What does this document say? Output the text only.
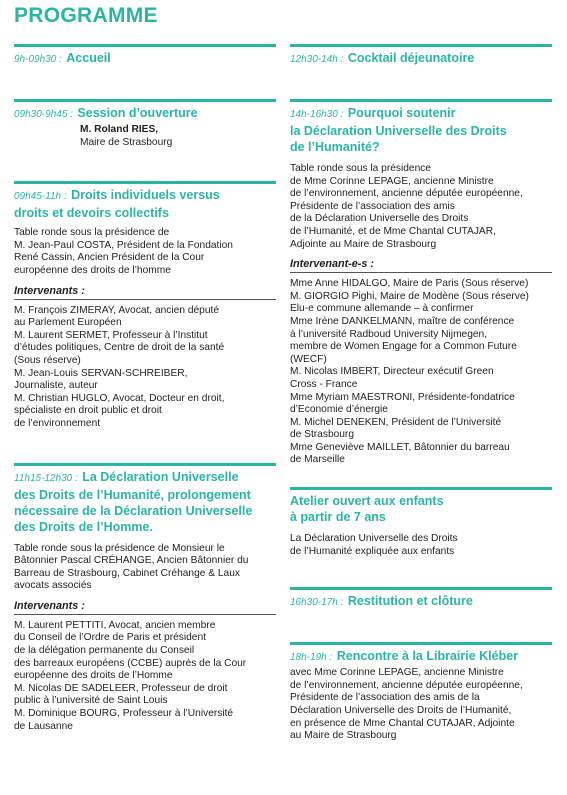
PROGRAMME
9h-09h30 : Accueil
09h30-9h45 : Session d’ouverture
M. Roland RIES,
Maire de Strasbourg
09h45-11h : Droits individuels versus
droits et devoirs collectifs
Table ronde sous la présidence de
M. Jean-Paul COSTA, Président de la Fondation
René Cassin, Ancien Président de la Cour
européenne des droits de l’homme
Intervenants :
M. François ZIMERAY, Avocat, ancien député
au Parlement Européen
M. Laurent SERMET, Professeur à l’Institut
d’études politiques, Centre de droit de la santé
(Sous réserve)
M. Jean-Louis SERVAN-SCHREIBER,
Journaliste, auteur
M. Christian HUGLO, Avocat, Docteur en droit,
spécialiste en droit public et droit
de l’environnement
11h15-12h30 : La Déclaration Universelle
des Droits de l’Humanité, prolongement
nécessaire de la Déclaration Universelle
des Droits de l’Homme.
Table ronde sous la présidence de Monsieur le
Bâtonnier Pascal CRÉHANGE, Ancien Bâtonnier du
Barreau de Strasbourg, Cabinet Créhange & Laux
avocats associés
Intervenants :
M. Laurent PETTITI, Avocat, ancien membre
du Conseil de l’Ordre de Paris et président
de la délégation permanente du Conseil
des barreaux européens (CCBE) auprès de la Cour
européenne des droits de l’Homme
M. Nicolas DE SADELEER, Professeur de droit
public à l’université de Saint Louis
M. Dominique BOURG, Professeur à l’Université
de Lausanne
12h30-14h : Cocktail déjeunatoire
14h-16h30 : Pourquoi soutenir
la Déclaration Universelle des Droits
de l’Humanité?
Table ronde sous la présidence
de Mme Corinne LEPAGE, ancienne Ministre
de l’environnement, ancienne députée européenne,
Présidente de l’association des amis
de la Déclaration Universelle des Droits
de l’Humanité, et de Mme Chantal CUTAJAR,
Adjointe au Maire de Strasbourg
Intervenant-e-s :
Mme Anne HIDALGO, Maire de Paris (Sous réserve)
M. GIORGIO Pighi, Maire de Modène (Sous réserve)
Elu-e commune allemande – à confirmer
Mme Irène DANKELMANN, maître de conférence
à l’université Radboud University Nijmegen,
membre de Women Engage for a Common Future
(WECF)
M. Nicolas IMBERT, Directeur exécutif Green
Cross - France
Mme Myriam MAESTRONI, Présidente-fondatrice
d’Economie d’énergie
M. Michel DENEKEN, Président de l’Université
de Strasbourg
Mme Geneviève MAILLET, Bâtonnier du barreau
de Marseille
Atelier ouvert aux enfants
à partir de 7 ans
La Déclaration Universelle des Droits
de l’Humanité expliquée aux enfants
16h30-17h : Restitution et clôture
18h-19h : Rencontre à la Librairie Kléber
avec Mme Corinne LEPAGE, ancienne Ministre
de l’environnement, ancienne députée européenne,
Présidente de l’association des amis de la
Déclaration Universelle des Droits de l’Humanité,
en présence de Mme Chantal CUTAJAR, Adjointe
au Maire de Strasbourg
